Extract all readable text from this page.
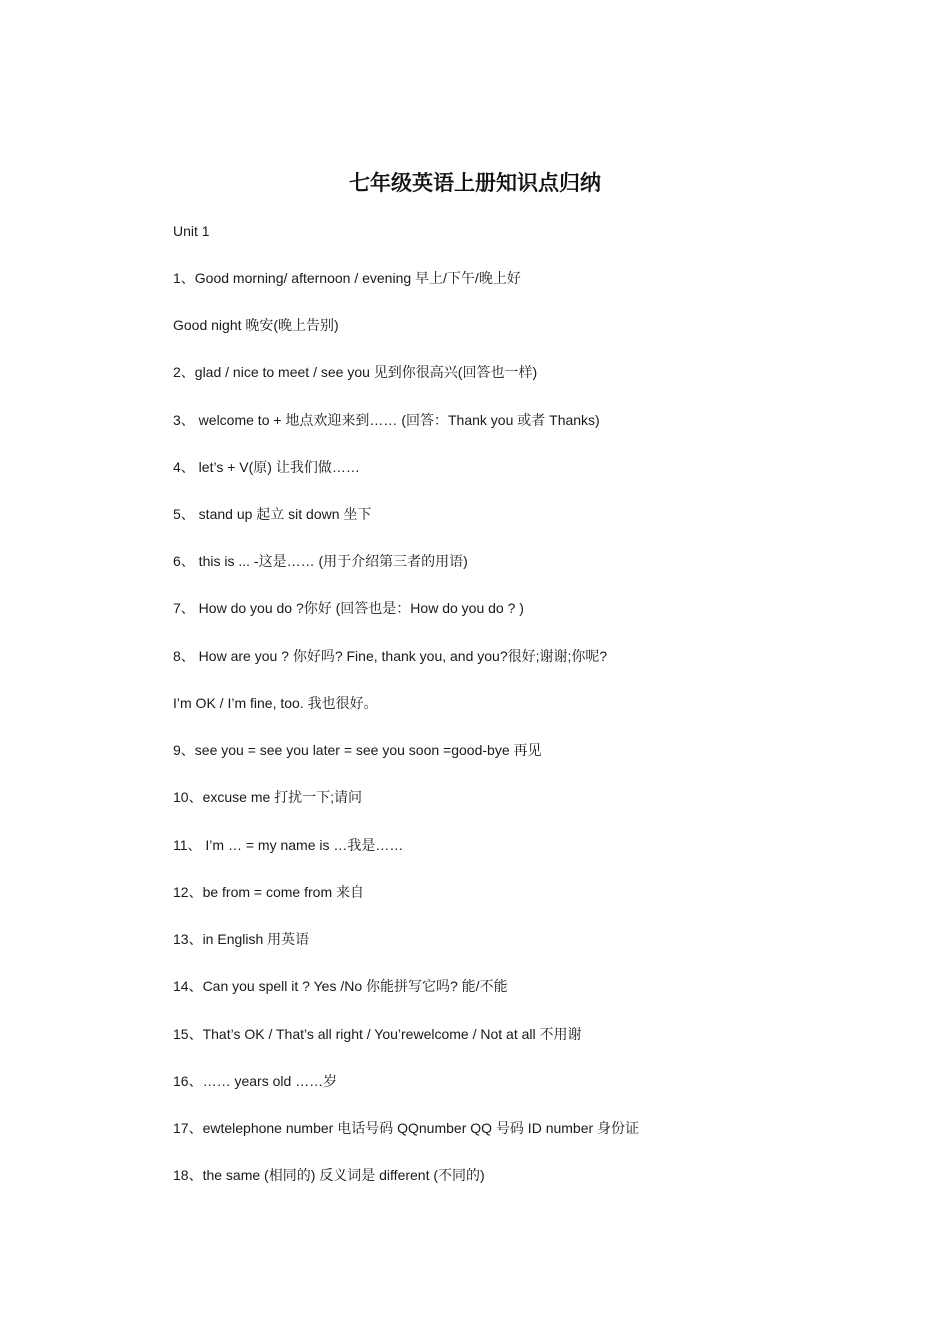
七年级英语上册知识点归纳

Unit 1

1、Good morning/ afternoon / evening 早上/下午/晚上好

Good night 晚安(晚上告别)

2、glad / nice to meet / see you 见到你很高兴(回答也一样)

3、 welcome to + 地点欢迎来到…… (回答：Thank you 或者 Thanks)

4、 let’s + V(原) 让我们做……

5、 stand up 起立 sit down 坐下

6、 this is ... -这是…… (用于介绍第三者的用语)

7、 How do you do ?你好 (回答也是：How do you do ? )

8、 How are you ? 你好吗? Fine, thank you, and you?很好;谢谢;你呢?

I’m OK / I’m fine, too. 我也很好。

9、see you = see you later = see you soon =good-bye 再见

10、excuse me 打扰一下;请问

11、 I’m … = my name is …我是……

12、be from = come from 来自

13、in English 用英语

14、Can you spell it ? Yes /No 你能拼写它吗? 能/不能

15、That’s OK / That’s all right / You’rewelcome / Not at all 不用谢

16、…… years old ……岁

17、ewtelephone number 电话号码 QQnumber QQ 号码 ID number 身份证

18、the same (相同的) 反义词是 different (不同的)
